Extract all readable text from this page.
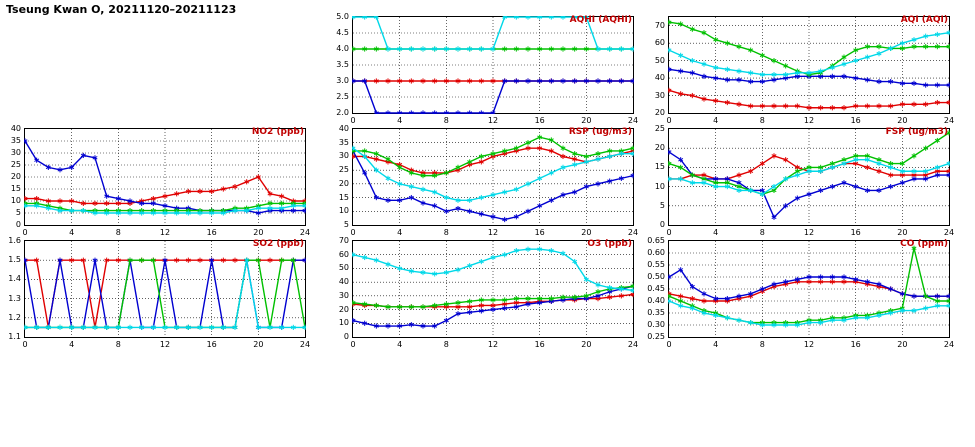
Tseung Kwan O, 20211120–20211123
AQHI (AQHI)
2.0
2.5
3.0
3.5
4.0
4.5
5.0
0	4	8	12	16	20	24
AQI (AQI)
20
30
40
50
60
70
0	4	8	12	16	20	24
NO2 (ppb)
0
5
10
15
20
25
30
35
40
0	4	8	12	16	20	24
RSP (ug/m3)
5
10
15
20
25
30
35
40
0	4	8	12	16	20	24
FSP (ug/m3)
0
5
10
15
20
25
0	4	8	12	16	20	24
SO2 (ppb)
1.1
1.2
1.3
1.4
1.5
1.6
0	4	8	12	16	20	24
O3 (ppb)
0
10
20
30
40
50
60
70
0	4	8	12	16	20	24
CO (ppm)
0.25
0.30
0.35
0.40
0.45
0.50
0.55
0.60
0.65
0	4	8	12	16	20	24
